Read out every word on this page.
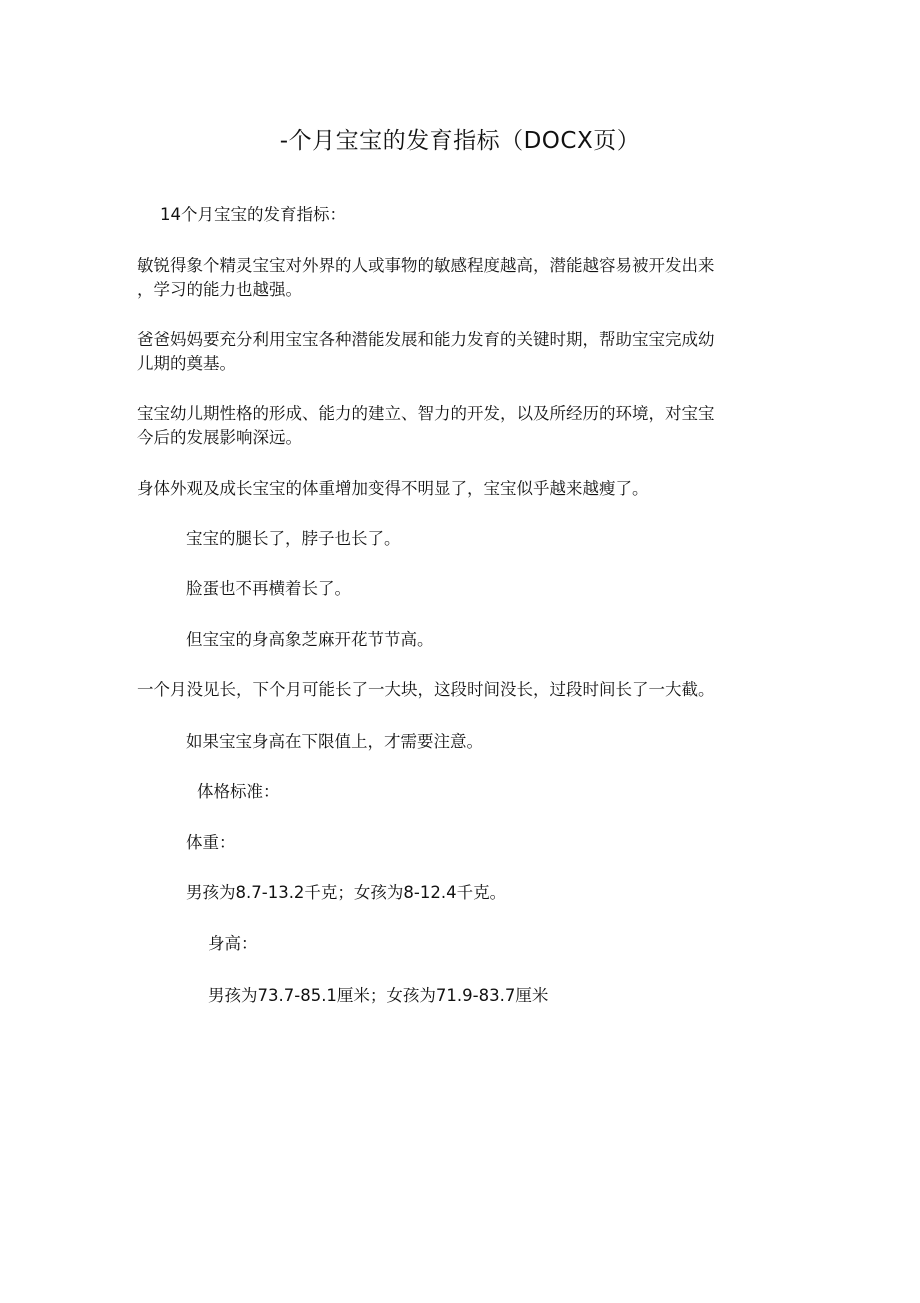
-个月宝宝的发育指标（DOCX页）
14个月宝宝的发育指标：
敏锐得象个精灵宝宝对外界的人或事物的敏感程度越高，潜能越容易被开发出来
，学习的能力也越强。
爸爸妈妈要充分利用宝宝各种潜能发展和能力发育的关键时期，帮助宝宝完成幼
儿期的奠基。
宝宝幼儿期性格的形成、能力的建立、智力的开发，以及所经历的环境，对宝宝
今后的发展影响深远。
身体外观及成长宝宝的体重增加变得不明显了，宝宝似乎越来越瘦了。
宝宝的腿长了，脖子也长了。
脸蛋也不再横着长了。
但宝宝的身高象芝麻开花节节高。
一个月没见长，下个月可能长了一大块，这段时间没长，过段时间长了一大截。
如果宝宝身高在下限值上，才需要注意。
体格标准：
体重：
男孩为8.7-13.2千克；女孩为8-12.4千克。
身高：
男孩为73.7-85.1厘米；女孩为71.9-83.7厘米
